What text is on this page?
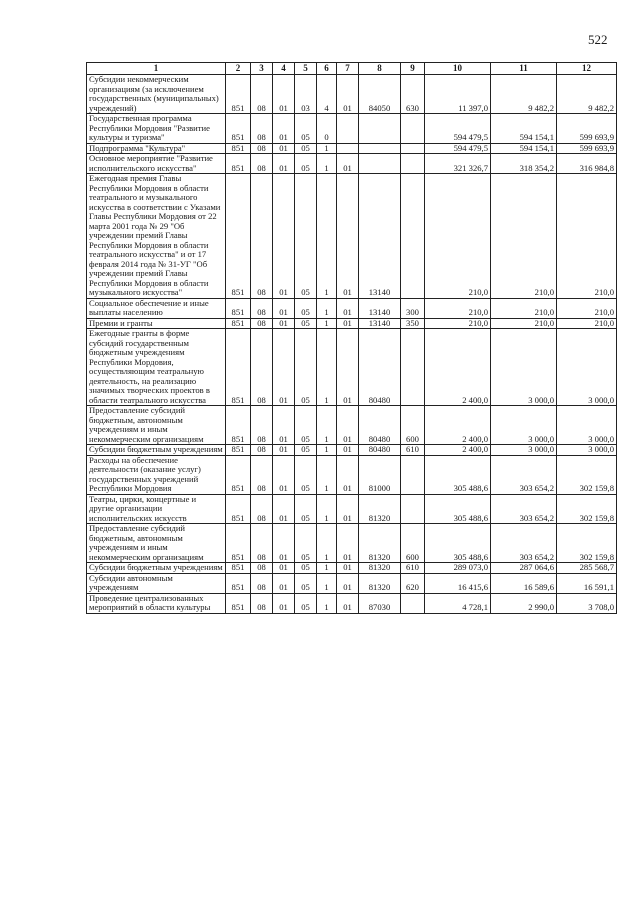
522
1	2	3	4	5	6	7	8	9	10	11	12
Субсидии некоммерческим организациям (за исключением государственных (муниципальных) учреждений)	851	08	01	03	4	01	84050	630	11 397,0	9 482,2	9 482,2
Государственная программа Республики Мордовия "Развитие культуры и туризма"	851	08	01	05	0				594 479,5	594 154,1	599 693,9
Подпрограмма "Культура"	851	08	01	05	1				594 479,5	594 154,1	599 693,9
Основное мероприятие "Развитие исполнительского искусства"	851	08	01	05	1	01			321 326,7	318 354,2	316 984,8
Ежегодная премия Главы Республики Мордовия в области театрального и музыкального искусства в соответствии с Указами Главы Республики Мордовия от 22 марта 2001 года № 29 "Об учреждении премий Главы Республики Мордовия в области театрального искусства" и от 17 февраля 2014 года № 31-УГ "Об учреждении премий Главы Республики Мордовия в области музыкального искусства"	851	08	01	05	1	01	13140		210,0	210,0	210,0
Социальное обеспечение и иные выплаты населению	851	08	01	05	1	01	13140	300	210,0	210,0	210,0
Премии и гранты	851	08	01	05	1	01	13140	350	210,0	210,0	210,0
Ежегодные гранты в форме субсидий государственным бюджетным учреждениям Республики Мордовия, осуществляющим театральную деятельность, на реализацию значимых творческих проектов в области театрального искусства	851	08	01	05	1	01	80480		2 400,0	3 000,0	3 000,0
Предоставление субсидий бюджетным, автономным учреждениям и иным некоммерческим организациям	851	08	01	05	1	01	80480	600	2 400,0	3 000,0	3 000,0
Субсидии бюджетным учреждениям	851	08	01	05	1	01	80480	610	2 400,0	3 000,0	3 000,0
Расходы на обеспечение деятельности (оказание услуг) государственных учреждений Республики Мордовия	851	08	01	05	1	01	81000		305 488,6	303 654,2	302 159,8
Театры, цирки, концертные и другие организации исполнительских искусств	851	08	01	05	1	01	81320		305 488,6	303 654,2	302 159,8
Предоставление субсидий бюджетным, автономным учреждениям и иным некоммерческим организациям	851	08	01	05	1	01	81320	600	305 488,6	303 654,2	302 159,8
Субсидии бюджетным учреждениям	851	08	01	05	1	01	81320	610	289 073,0	287 064,6	285 568,7
Субсидии автономным учреждениям	851	08	01	05	1	01	81320	620	16 415,6	16 589,6	16 591,1
Проведение централизованных мероприятий в области культуры	851	08	01	05	1	01	87030		4 728,1	2 990,0	3 708,0
